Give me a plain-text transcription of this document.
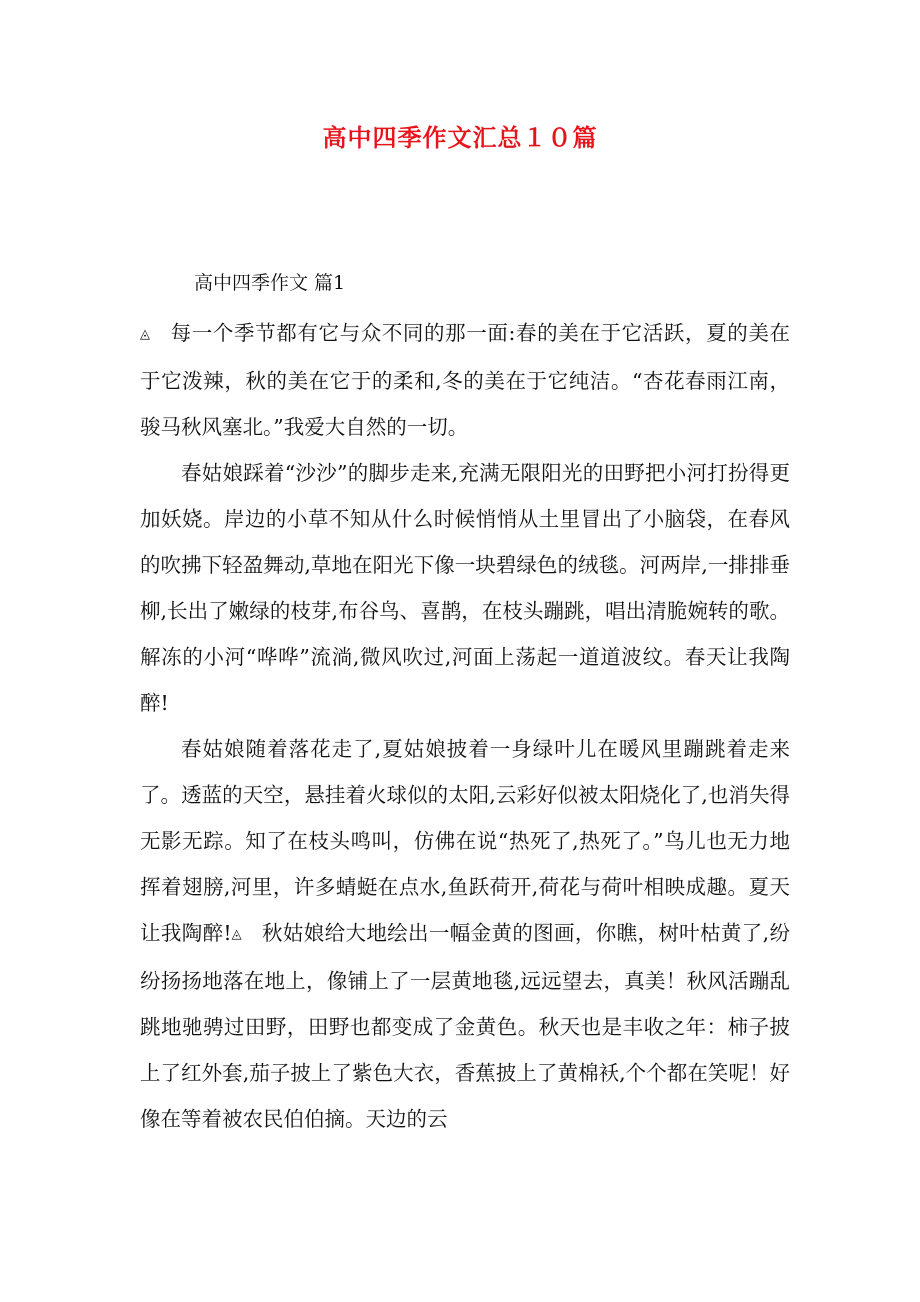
高中四季作文汇总１０篇
高中四季作文 篇1

◬ 每一个季节都有它与众不同的那一面:春的美在于它活跃，夏的美在于它泼辣，秋的美在它于的柔和,冬的美在于它纯洁。“杏花春雨江南，骏马秋风塞北。”我爱大自然的一切。

春姑娘踩着“沙沙”的脚步走来,充满无限阳光的田野把小河打扮得更加妖娆。岸边的小草不知从什么时候悄悄从土里冒出了小脑袋，在春风的吹拂下轻盈舞动,草地在阳光下像一块碧绿色的绒毯。河两岸,一排排垂柳,长出了嫩绿的枝芽,布谷鸟、喜鹊，在枝头蹦跳，唱出清脆婉转的歌。解冻的小河“哗哗”流淌,微风吹过,河面上荡起一道道波纹。春天让我陶醉!

春姑娘随着落花走了,夏姑娘披着一身绿叶儿在暖风里蹦跳着走来了。透蓝的天空，悬挂着火球似的太阳,云彩好似被太阳烧化了,也消失得无影无踪。知了在枝头鸣叫，仿佛在说“热死了,热死了。”鸟儿也无力地挥着翅膀,河里，许多蜻蜓在点水,鱼跃荷开,荷花与荷叶相映成趣。夏天让我陶醉!◬ 秋姑娘给大地绘出一幅金黄的图画，你瞧，树叶枯黄了,纷纷扬扬地落在地上，像铺上了一层黄地毯,远远望去，真美！秋风活蹦乱跳地驰骋过田野，田野也都变成了金黄色。秋天也是丰收之年：柿子披上了红外套,茄子披上了紫色大衣，香蕉披上了黄棉袄,个个都在笑呢！好像在等着被农民伯伯摘。天边的云
